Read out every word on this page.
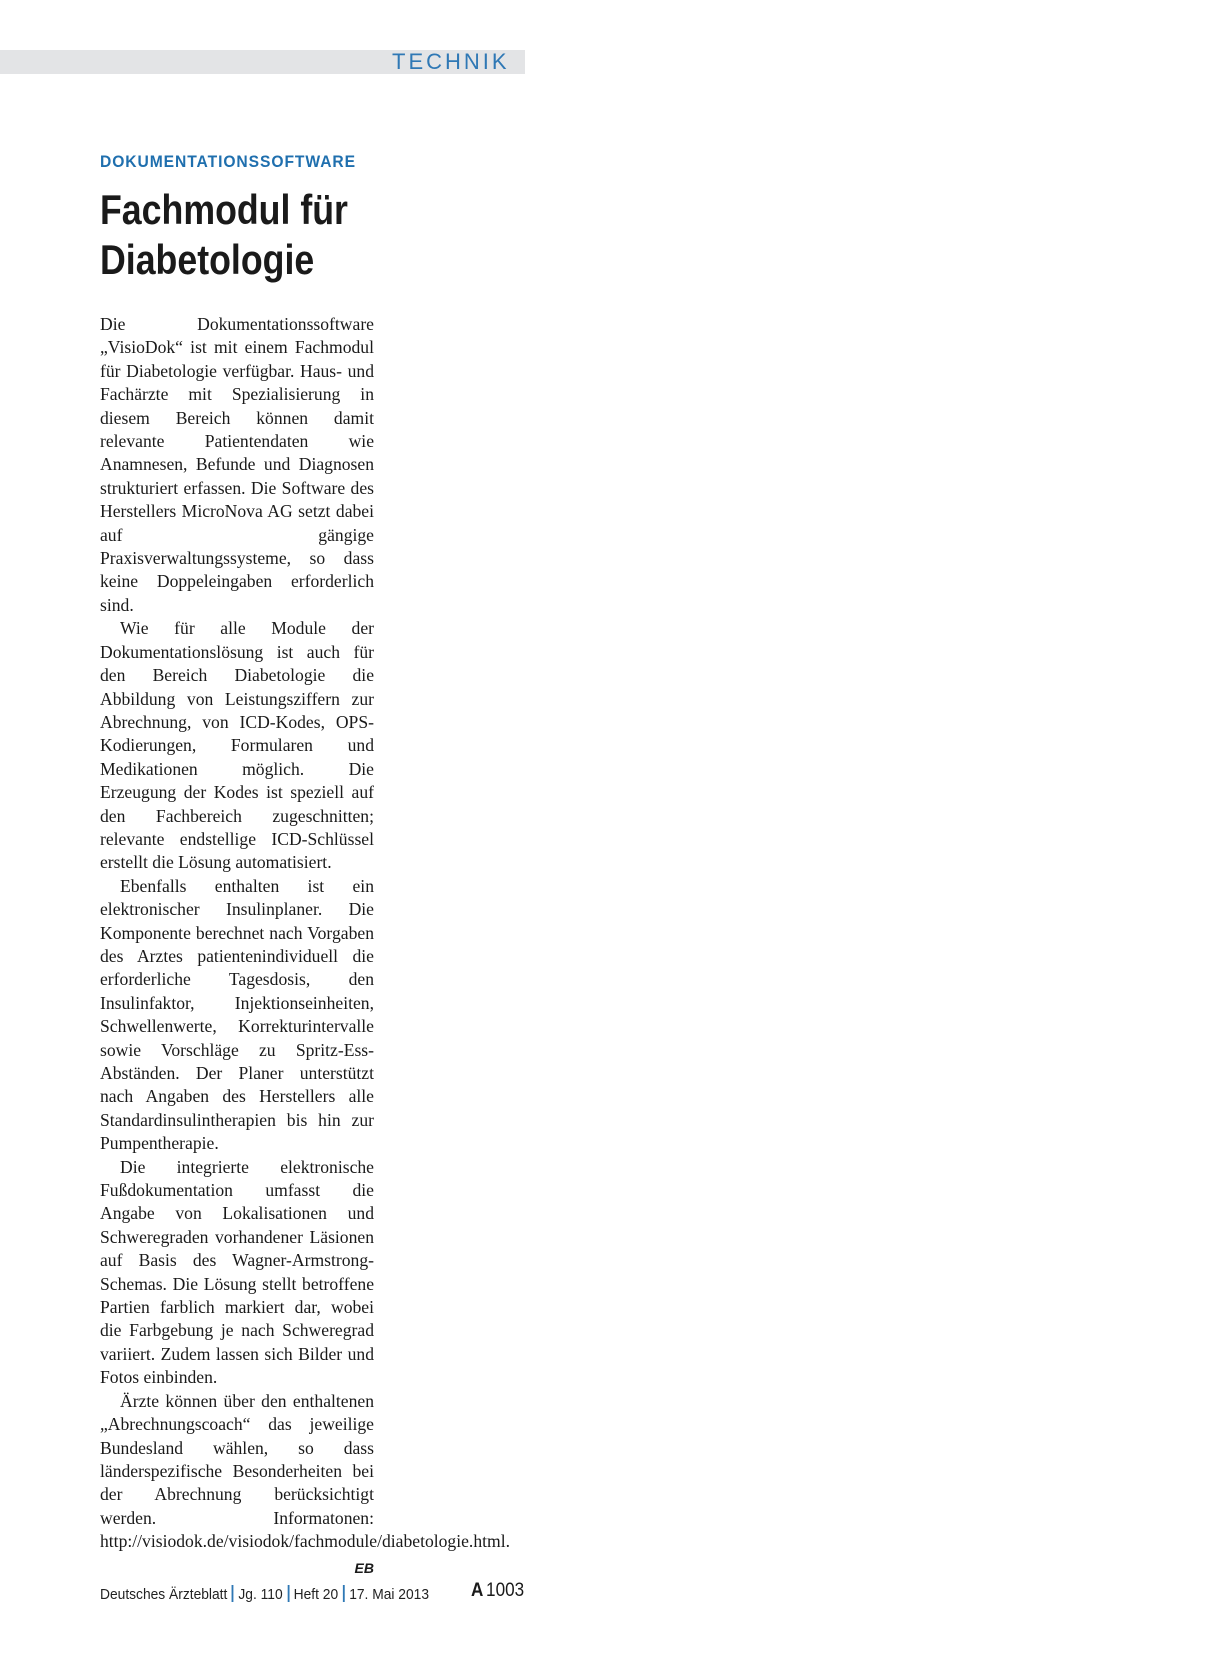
TECHNIK
DOKUMENTATIONSSOFTWARE
Fachmodul für
Diabetologie

Die Dokumentationssoftware „VisioDok“ ist mit einem Fachmodul für Diabetologie verfügbar. Haus- und Fachärzte mit Spezialisierung in diesem Bereich können damit relevante Patientendaten wie Anamnesen, Befunde und Diagnosen strukturiert erfassen. Die Software des Herstellers MicroNova AG setzt dabei auf gängige Praxisverwaltungssysteme, so dass keine Doppeleingaben erforderlich sind.

Wie für alle Module der Dokumentationslösung ist auch für den Bereich Diabetologie die Abbildung von Leistungsziffern zur Abrechnung, von ICD-Kodes, OPS-Kodierungen, Formularen und Medikationen möglich. Die Erzeugung der Kodes ist speziell auf den Fachbereich zugeschnitten; relevante endstellige ICD-Schlüssel erstellt die Lösung automatisiert.

Ebenfalls enthalten ist ein elektronischer Insulinplaner. Die Komponente berechnet nach Vorgaben des Arztes patientenindividuell die erforderliche Tagesdosis, den Insulinfaktor, Injektionseinheiten, Schwellenwerte, Korrekturintervalle sowie Vorschläge zu Spritz-Ess-Abständen. Der Planer unterstützt nach Angaben des Herstellers alle Standardinsulintherapien bis hin zur Pumpentherapie.

Die integrierte elektronische Fußdokumentation umfasst die Angabe von Lokalisationen und Schweregraden vorhandener Läsionen auf Basis des Wagner-Armstrong-Schemas. Die Lösung stellt betroffene Partien farblich markiert dar, wobei die Farbgebung je nach Schweregrad variiert. Zudem lassen sich Bilder und Fotos einbinden.

Ärzte können über den enthaltenen „Abrechnungscoach“ das jeweilige Bundesland wählen, so dass länderspezifische Besonderheiten bei der Abrechnung berücksichtigt werden. Informatonen: http://visiodok.de/visiodok/fachmodule/diabetologie.html.
EB

Deutsches Ärzteblatt Jg. 110 Heft 20 17. Mai 2013 A 1003
